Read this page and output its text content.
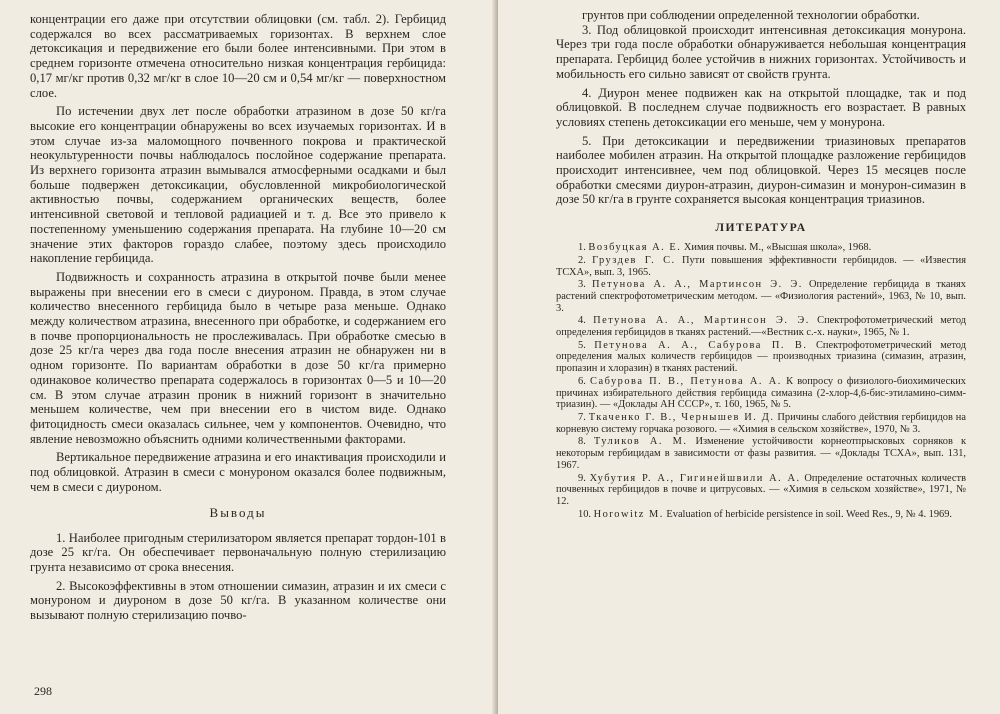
концентрации его даже при отсутствии облицовки (см. табл. 2). Гербицид содержался во всех рассматриваемых горизонтах. В верхнем слое детоксикация и передвижение его были более интенсивными. При этом в среднем горизонте отмечена относительно низкая концентрация гербицида: 0,17 мг/кг против 0,32 мг/кг в слое 10—20 см и 0,54 мг/кг — поверхностном слое.

По истечении двух лет после обработки атразином в дозе 50 кг/га высокие его концентрации обнаружены во всех изучаемых горизонтах. И в этом случае из-за маломощного почвенного покрова и практической неокультуренности почвы наблюдалось послойное содержание препарата. Из верхнего горизонта атразин вымывался атмосферными осадками и был больше подвержен детоксикации, обусловленной микробиологической активностью почвы, содержанием органических веществ, более интенсивной световой и тепловой радиацией и т. д. Все это привело к постепенному уменьшению содержания препарата. На глубине 10—20 см значение этих факторов гораздо слабее, поэтому здесь происходило накопление гербицида.

Подвижность и сохранность атразина в открытой почве были менее выражены при внесении его в смеси с диуроном. Правда, в этом случае количество внесенного гербицида было в четыре раза меньше. Однако между количеством атразина, внесенного при обработке, и содержанием его в почве пропорциональность не прослеживалась. При обработке смесью в дозе 25 кг/га через два года после внесения атразин не обнаружен ни в одном горизонте. По вариантам обработки в дозе 50 кг/га примерно одинаковое количество препарата содержалось в горизонтах 0—5 и 10—20 см. В этом случае атразин проник в нижний горизонт в значительно меньшем количестве, чем при внесении его в чистом виде. Однако фитоцидность смеси оказалась сильнее, чем у компонентов. Очевидно, что явление невозможно объяснить одними количественными факторами.

Вертикальное передвижение атразина и его инактивация происходили и под облицовкой. Атразин в смеси с монуроном оказался более подвижным, чем в смеси с диуроном.

Выводы

1. Наиболее пригодным стерилизатором является препарат тордон-101 в дозе 25 кг/га. Он обеспечивает первоначальную полную стерилизацию грунта независимо от срока внесения.

2. Высокоэффективны в этом отношении симазин, атразин и их смеси с монуроном и диуроном в дозе 50 кг/га. В указанном количестве они вызывают полную стерилизацию почво-

298

грунтов при соблюдении определенной технологии обработки.

3. Под облицовкой происходит интенсивная детоксикация монурона. Через три года после обработки обнаруживается небольшая концентрация препарата. Гербицид более устойчив в нижних горизонтах. Устойчивость и мобильность его сильно зависят от свойств грунта.

4. Диурон менее подвижен как на открытой площадке, так и под облицовкой. В последнем случае подвижность его возрастает. В равных условиях степень детоксикации его меньше, чем у монурона.

5. При детоксикации и передвижении триазиновых препаратов наиболее мобилен атразин. На открытой площадке разложение гербицидов происходит интенсивнее, чем под облицовкой. Через 15 месяцев после обработки смесями диурон-атразин, диурон-симазин и монурон-симазин в дозе 50 кг/га в грунте сохраняется высокая концентрация триазинов.

ЛИТЕРАТУРА

1. Возбуцкая А. Е. Химия почвы. М., «Высшая школа», 1968.

2. Груздев Г. С. Пути повышения эффективности гербицидов. — «Известия ТСХА», вып. 3, 1965.

3. Петунова А. А., Мартинсон Э. Э. Определение гербицида в тканях растений спектрофотометрическим методом. — «Физиология растений», 1963, № 10, вып. 3.

4. Петунова А. А., Мартинсон Э. Э. Спектрофотометрический метод определения гербицидов в тканях растений.—«Вестник с.-х. науки», 1965, № 1.

5. Петунова А. А., Сабурова П. В. Спектрофотометрический метод определения малых количеств гербицидов — производных триазина (симазин, атразин, пропазин и хлоразин) в тканях растений.

6. Сабурова П. В., Петунова А. А. К вопросу о физиолого-биохимических причинах избирательного действия гербицида симазина (2-хлор-4,6-бис-этиламино-симм-триазин). — «Доклады АН СССР», т. 160, 1965, № 5.

7. Ткаченко Г. В., Чернышев И. Д. Причины слабого действия гербицидов на корневую систему горчака розового. — «Химия в сельском хозяйстве», 1970, № 3.

8. Туликов А. М. Изменение устойчивости корнеотпрысковых сорняков к некоторым гербицидам в зависимости от фазы развития. — «Доклады ТСХА», вып. 131, 1967.

9. Хубутия Р. А., Гигинейшвили А. А. Определение остаточных количеств почвенных гербицидов в почве и цитрусовых. — «Химия в сельском хозяйстве», 1971, № 12.

10. Horowitz M. Evaluation of herbicide persistence in soil. Weed Res., 9, № 4. 1969.
